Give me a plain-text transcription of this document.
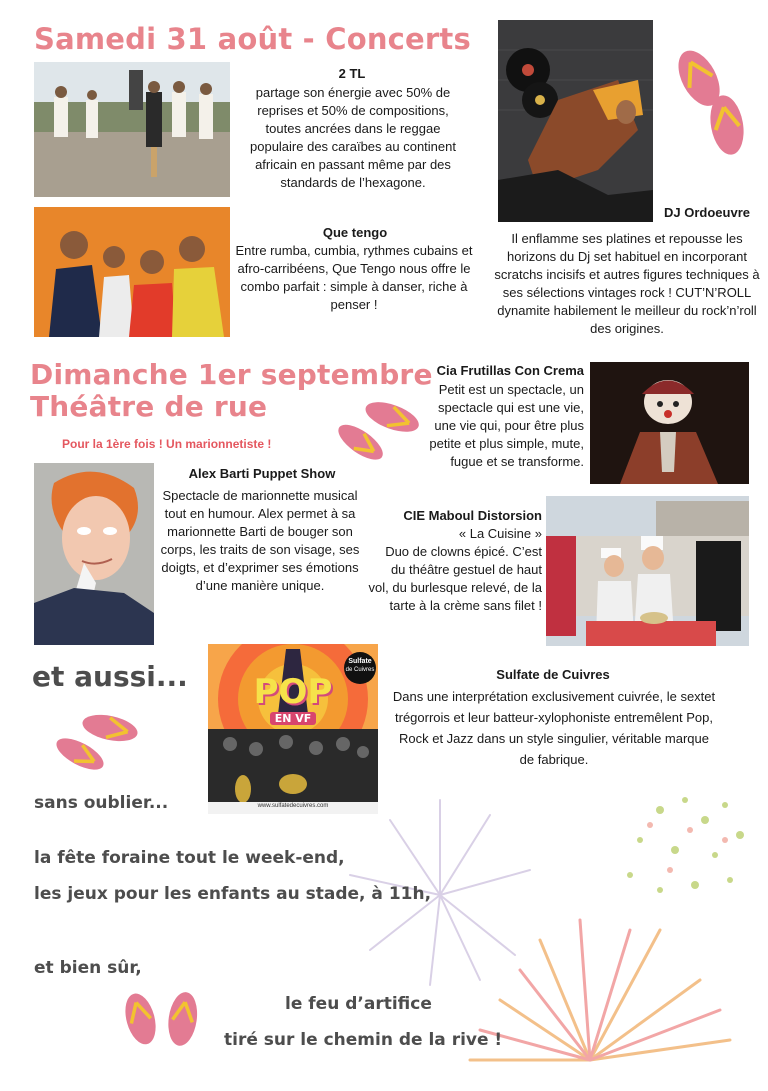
Samedi 31 août - Concerts
2 TL
partage son énergie avec 50% de reprises et 50% de compositions, toutes ancrées dans le reggae populaire des caraïbes au continent africain en passant même par des standards de l’hexagone.
Que tengo
Entre rumba, cumbia, rythmes cubains et afro-carribéens, Que Tengo nous offre le combo parfait : simple à danser, riche à penser !
DJ Ordoeuvre
Il enflamme ses platines et repousse les horizons du Dj set habituel en incorporant scratchs incisifs et autres figures techniques à ses sélections vintages rock ! CUT’N’ROLL dynamite habilement le meilleur du rock’n’roll des origines.
Dimanche 1er septembre
Théâtre de rue
Pour la 1ère fois ! Un marionnetiste !
Cia Frutillas Con Crema
Petit est un spectacle, un spectacle qui est une vie, une vie qui, pour être plus petite et plus simple, mute, fugue et se transforme.
Alex Barti Puppet Show
Spectacle de marionnette musical tout en humour. Alex permet à sa marionnette Barti de bouger son corps, les traits de son visage, ses doigts, et d’exprimer ses émotions d’une manière unique.
CIE Maboul Distorsion
« La Cuisine »
Duo de clowns épicé. C’est du théâtre gestuel de haut vol, du burlesque relevé, de la tarte à la crème sans filet !
et aussi...	Sulfate
de Cuivres
POP
EN VF
www.sulfatedecuivres.com
Sulfate de Cuivres
Dans une interprétation exclusivement cuivrée, le sextet trégorrois et leur batteur-xylophoniste entremêlent Pop, Rock et Jazz dans un style singulier, véritable marque de fabrique.
sans oublier...
la fête foraine tout le week-end,
les jeux pour les enfants au stade, à 11h,
et bien sûr,
le feu d’artifice
tiré sur le chemin de la rive !
